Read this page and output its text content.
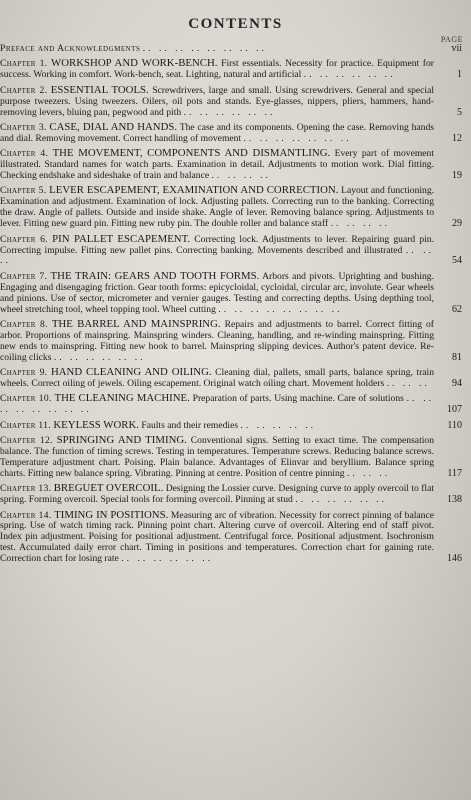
CONTENTS
PAGE
Preface and Acknowledgments .. .. .. .. .. .. .. ..	vii
Chapter 1. WORKSHOP AND WORK-BENCH. First essentials. Necessity for practice. Equipment for success. Working in comfort. Work-bench, seat. Lighting, natural and artificial .. .. .. .. .. ..	1
Chapter 2. ESSENTIAL TOOLS. Screwdrivers, large and small. Using screwdrivers. General and special purpose tweezers. Using tweezers. Oilers, oil pots and stands. Eye-glasses, nippers, pliers, hammers, hand-removing levers, bluing pan, pegwood and pith .. .. .. .. .. ..	5
Chapter 3. CASE, DIAL AND HANDS. The case and its components. Opening the case. Removing hands and dial. Removing movement. Correct handling of movement .. .. .. .. .. .. ..	12
Chapter 4. THE MOVEMENT, COMPONENTS AND DISMANTLING. Every part of movement illustrated. Standard names for watch parts. Examination in detail. Adjustments to motion work. Dial fitting. Checking endshake and sideshake of train and balance .. .. .. ..	19
Chapter 5. LEVER ESCAPEMENT, EXAMINATION AND CORRECTION. Layout and functioning. Examination and adjustment. Examination of lock. Adjusting pallets. Correcting run to the banking. Correcting the draw. Angle of pallets. Outside and inside shake. Angle of lever. Removing balance spring. Adjustments to lever. Fitting new guard pin. Fitting new ruby pin. The double roller and balance staff .. .. .. ..	29
Chapter 6. PIN PALLET ESCAPEMENT. Correcting lock. Adjustments to lever. Repairing guard pin. Correcting impulse. Fitting new pallet pins. Correcting banking. Movements described and illustrated .. .. ..	54
Chapter 7. THE TRAIN: GEARS AND TOOTH FORMS. Arbors and pivots. Uprighting and bushing. Engaging and disengaging friction. Gear tooth forms: epicycloidal, cycloidal, circular arc, involute. Gear wheels and pinions. Use of sector, micrometer and vernier gauges. Testing and correcting depths. Using depthing tool, wheel stretching tool, wheel topping tool. Wheel cutting .. .. .. .. .. .. .. ..	62
Chapter 8. THE BARREL AND MAINSPRING. Repairs and adjustments to barrel. Correct fitting of arbor. Proportions of mainspring. Mainspring winders. Cleaning, handling, and re-winding mainspring. Fitting new ends to mainspring. Fitting new hook to barrel. Mainspring slipping devices. Author's patent device. Re-coiling clicks .. .. .. .. .. ..	81
Chapter 9. HAND CLEANING AND OILING. Cleaning dial, pallets, small parts, balance spring, train wheels. Correct oiling of jewels. Oiling escapement. Original watch oiling chart. Movement holders .. .. .. 94
Chapter 10. THE CLEANING MACHINE. Preparation of parts. Using machine. Care of solutions .. .. .. .. .. .. .. ..	107
Chapter 11. KEYLESS WORK. Faults and their remedies .. .. .. .. ..	110
Chapter 12. SPRINGING AND TIMING. Conventional signs. Setting to exact time. The compensation balance. The function of timing screws. Testing in temperatures. Temperature screws. Reducing balance screws. Temperature adjustment chart. Poising. Plain balance. Advantages of Elinvar and beryllium. Balance spring charts. Fitting new balance spring. Vibrating. Pinning at centre. Position of centre pinning .. .. ..	117
Chapter 13. BREGUET OVERCOIL. Designing the Lossier curve. Designing curve to apply overcoil to flat spring. Forming overcoil. Special tools for forming overcoil. Pinning at stud .. .. .. .. .. ..	138
Chapter 14. TIMING IN POSITIONS. Measuring arc of vibration. Necessity for correct pinning of balance spring. Use of watch timing rack. Pinning point chart. Altering curve of overcoil. Altering end of staff pivot. Index pin adjustment. Poising for positional adjustment. Centrifugal force. Positional adjustment. Isochronism test. Accumulated daily error chart. Timing in positions and temperatures. Correction chart for gaining rate. Correction chart for losing rate .. .. .. .. .. ..	146
